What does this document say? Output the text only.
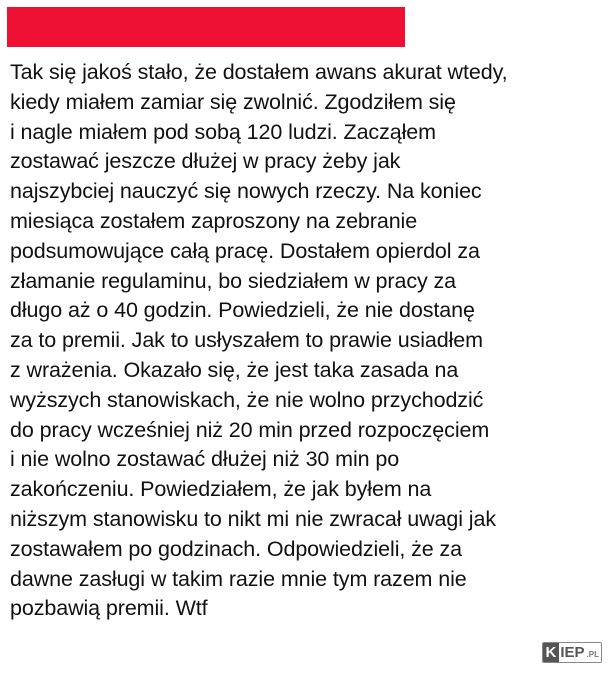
Tak się jakoś stało, że dostałem awans akurat wtedy,
kiedy miałem zamiar się zwolnić. Zgodziłem się
i nagle miałem pod sobą 120 ludzi. Zacząłem
zostawać jeszcze dłużej w pracy żeby jak
najszybciej nauczyć się nowych rzeczy. Na koniec
miesiąca zostałem zaproszony na zebranie
podsumowujące całą pracę. Dostałem opierdol za
złamanie regulaminu, bo siedziałem w pracy za
długo aż o 40 godzin. Powiedzieli, że nie dostanę
za to premii. Jak to usłyszałem to prawie usiadłem
z wrażenia. Okazało się, że jest taka zasada na
wyższych stanowiskach, że nie wolno przychodzić
do pracy wcześniej niż 20 min przed rozpoczęciem
i nie wolno zostawać dłużej niż 30 min po
zakończeniu. Powiedziałem, że jak byłem na
niższym stanowisku to nikt mi nie zwracał uwagi jak
zostawałem po godzinach. Odpowiedzieli, że za
dawne zasługi w takim razie mnie tym razem nie
pozbawią premii. Wtf

K IEP .PL
